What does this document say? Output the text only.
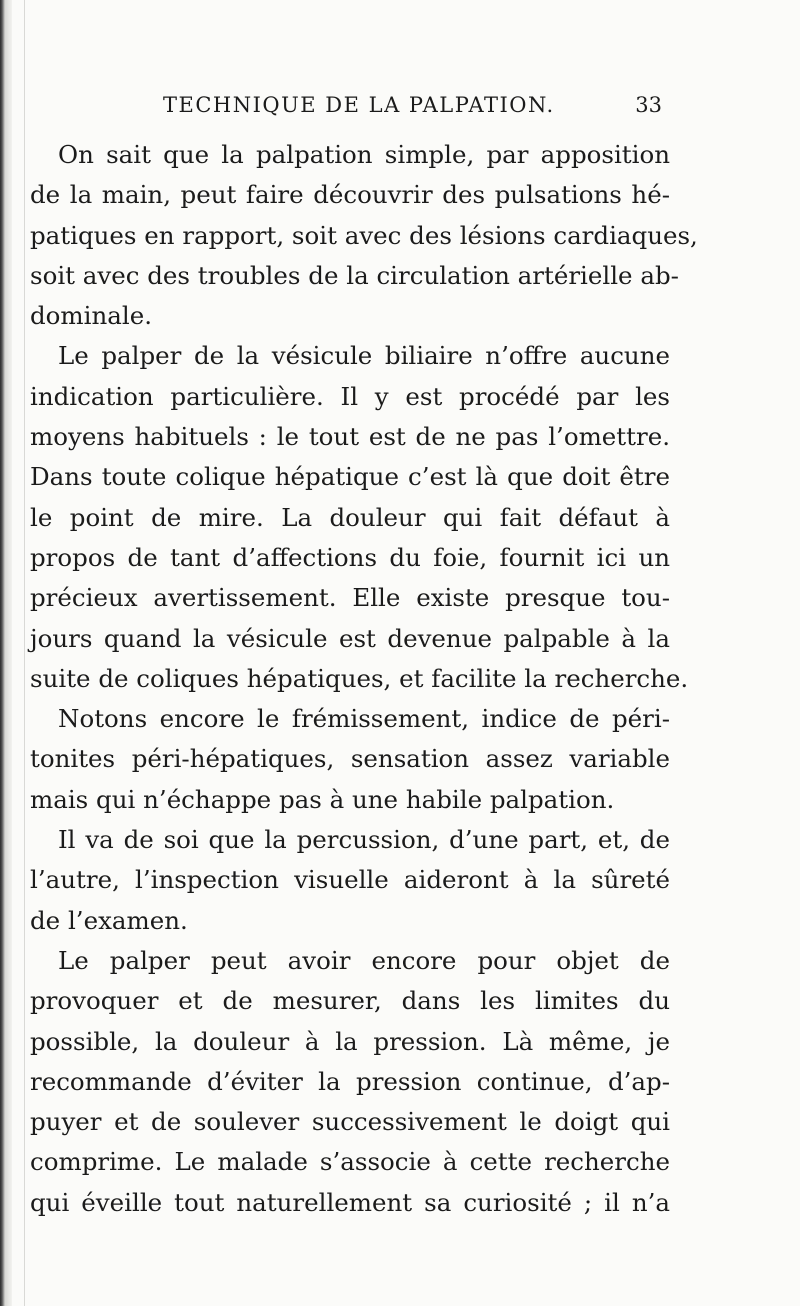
TECHNIQUE DE LA PALPATION.	33
On sait que la palpation simple, par apposition
de la main, peut faire découvrir des pulsations hé-
patiques en rapport, soit avec des lésions cardiaques,
soit avec des troubles de la circulation artérielle ab-
dominale.
Le palper de la vésicule biliaire n’offre aucune
indication particulière. Il y est procédé par les
moyens habituels : le tout est de ne pas l’omettre.
Dans toute colique hépatique c’est là que doit être
le point de mire. La douleur qui fait défaut à
propos de tant d’affections du foie, fournit ici un
précieux avertissement. Elle existe presque tou-
jours quand la vésicule est devenue palpable à la
suite de coliques hépatiques, et facilite la recherche.
Notons encore le frémissement, indice de péri-
tonites péri-hépatiques, sensation assez variable
mais qui n’échappe pas à une habile palpation.
Il va de soi que la percussion, d’une part, et, de
l’autre, l’inspection visuelle aideront à la sûreté
de l’examen.
Le palper peut avoir encore pour objet de
provoquer et de mesurer, dans les limites du
possible, la douleur à la pression. Là même, je
recommande d’éviter la pression continue, d’ap-
puyer et de soulever successivement le doigt qui
comprime. Le malade s’associe à cette recherche
qui éveille tout naturellement sa curiosité ; il n’a
